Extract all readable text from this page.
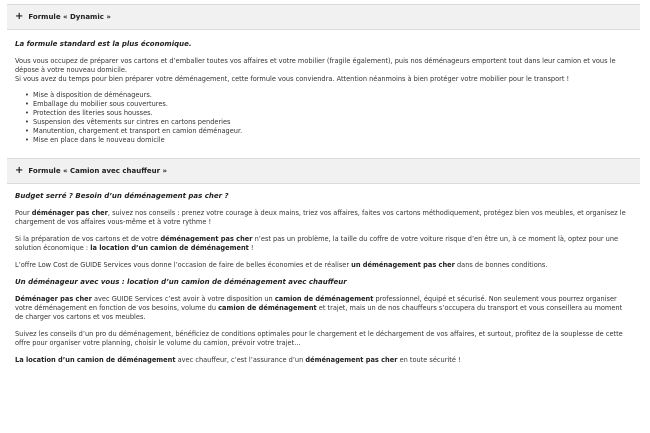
+ Formule « Dynamic »

La formule standard est la plus économique.

Vous vous occupez de préparer vos cartons et d’emballer toutes vos affaires et votre mobilier (fragile également), puis nos déménageurs emportent tout dans leur camion et vous le dépose à votre nouveau domicile.

Si vous avez du temps pour bien préparer votre déménagement, cette formule vous conviendra. Attention néanmoins à bien protéger votre mobilier pour le transport !

• Mise à disposition de déménageurs.
• Emballage du mobilier sous couvertures.
• Protection des literies sous housses.
• Suspension des vêtements sur cintres en cartons penderies
• Manutention, chargement et transport en camion déménageur.
• Mise en place dans le nouveau domicile
+ Formule « Camion avec chauffeur »

Budget serré ? Besoin d’un déménagement pas cher ?

Pour déménager pas cher, suivez nos conseils : prenez votre courage à deux mains, triez vos affaires, faites vos cartons méthodiquement, protégez bien vos meubles, et organisez le chargement de vos affaires vous-même et à votre rythme !

Si la préparation de vos cartons et de votre déménagement pas cher n’est pas un problème, la taille du coffre de votre voiture risque d’en être un, à ce moment là, optez pour une solution économique : la location d’un camion de déménagement !

L’offre Low Cost de GUIDE Services vous donne l’occasion de faire de belles économies et de réaliser un déménagement pas cher dans de bonnes conditions.

Un déménageur avec vous : location d’un camion de déménagement avec chauffeur

Déménager pas cher avec GUIDE Services c’est avoir à votre disposition un camion de déménagement professionnel, équipé et sécurisé. Non seulement vous pourrez organiser votre déménagement en fonction de vos besoins, volume du camion de déménagement et trajet, mais un de nos chauffeurs s’occupera du transport et vous conseillera au moment de charger vos cartons et vos meubles.

Suivez les conseils d’un pro du déménagement, bénéficiez de conditions optimales pour le chargement et le déchargement de vos affaires, et surtout, profitez de la souplesse de cette offre pour organiser votre planning, choisir le volume du camion, prévoir votre trajet…

La location d’un camion de déménagement avec chauffeur, c’est l’assurance d’un déménagement pas cher en toute sécurité !
